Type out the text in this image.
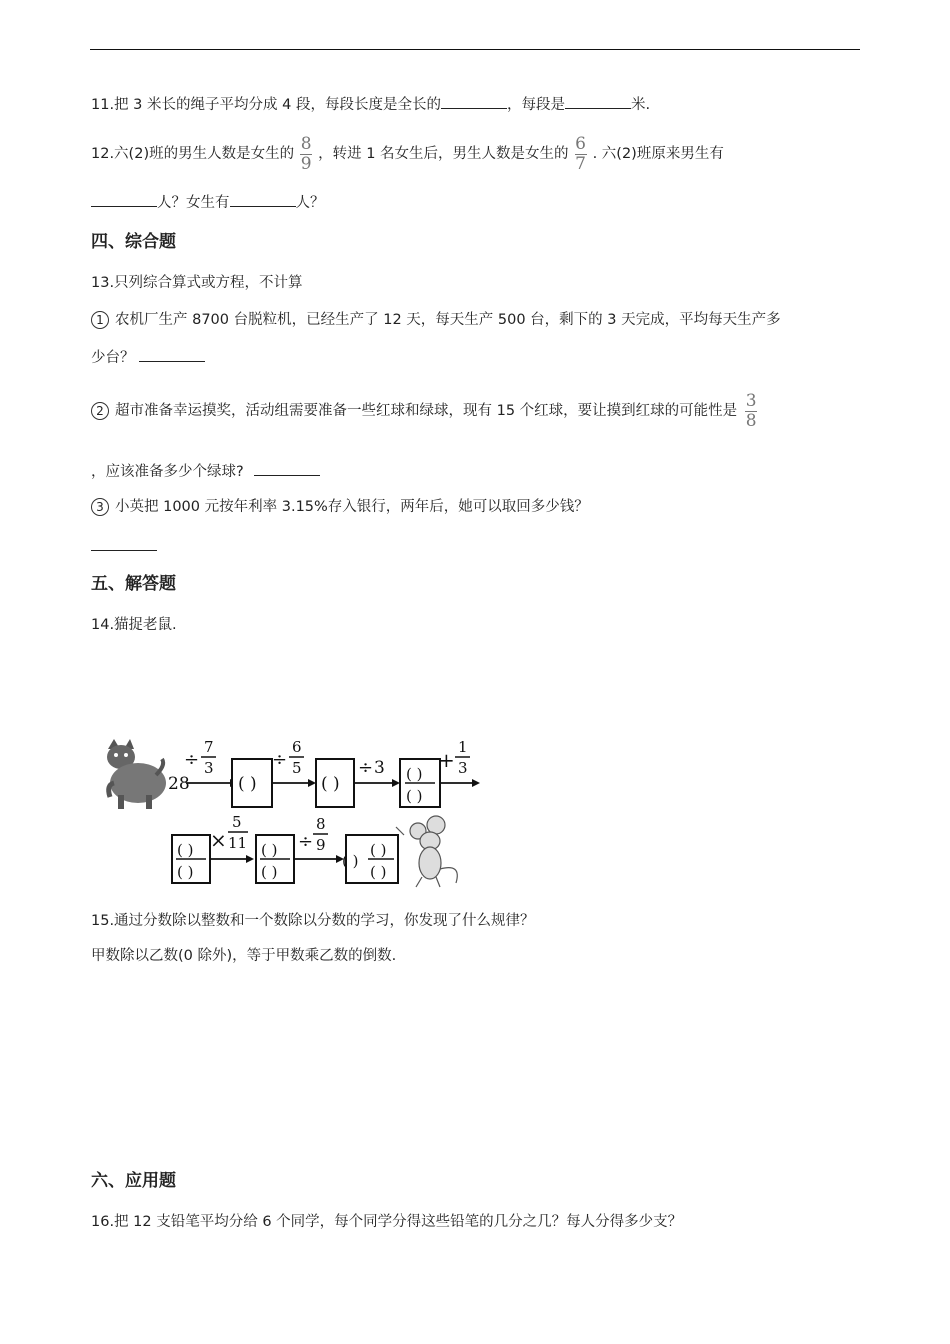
11.把 3 米长的绳子平均分成 4 段，每段长度是全长的	，每段是	米.
12.六(2)班的男生人数是女生的 $\frac{8}{9}$ ，转进 1 名女生后，男生人数是女生的 $\frac{6}{7}$ . 六(2)班原来男生有
人？女生有	人？
四、综合题
13.只列综合算式或方程，不计算
1 农机厂生产 8700 台脱粒机，已经生产了 12 天，每天生产 500 台，剩下的 3 天完成，平均每天生产多
少台？
2 超市准备幸运摸奖，活动组需要准备一些红球和绿球，现有 15 个红球，要让摸到红球的可能性是 $\frac{3}{8}$
，应该准备多少个绿球?
3 小英把 1000 元按年利率 3.15%存入银行，两年后，她可以取回多少钱？
五、解答题
14.猫捉老鼠.
28
÷
7
3
( )
÷
6
5
( )
÷ 3 ( )
( )
+
1
3
( )
( )
×
5
11 ( )
( )
÷
8
9
( )
( )
( )
15.通过分数除以整数和一个数除以分数的学习，你发现了什么规律？
甲数除以乙数(0 除外)，等于甲数乘乙数的倒数.
六、应用题
16.把 12 支铅笔平均分给 6 个同学，每个同学分得这些铅笔的几分之几？每人分得多少支？
